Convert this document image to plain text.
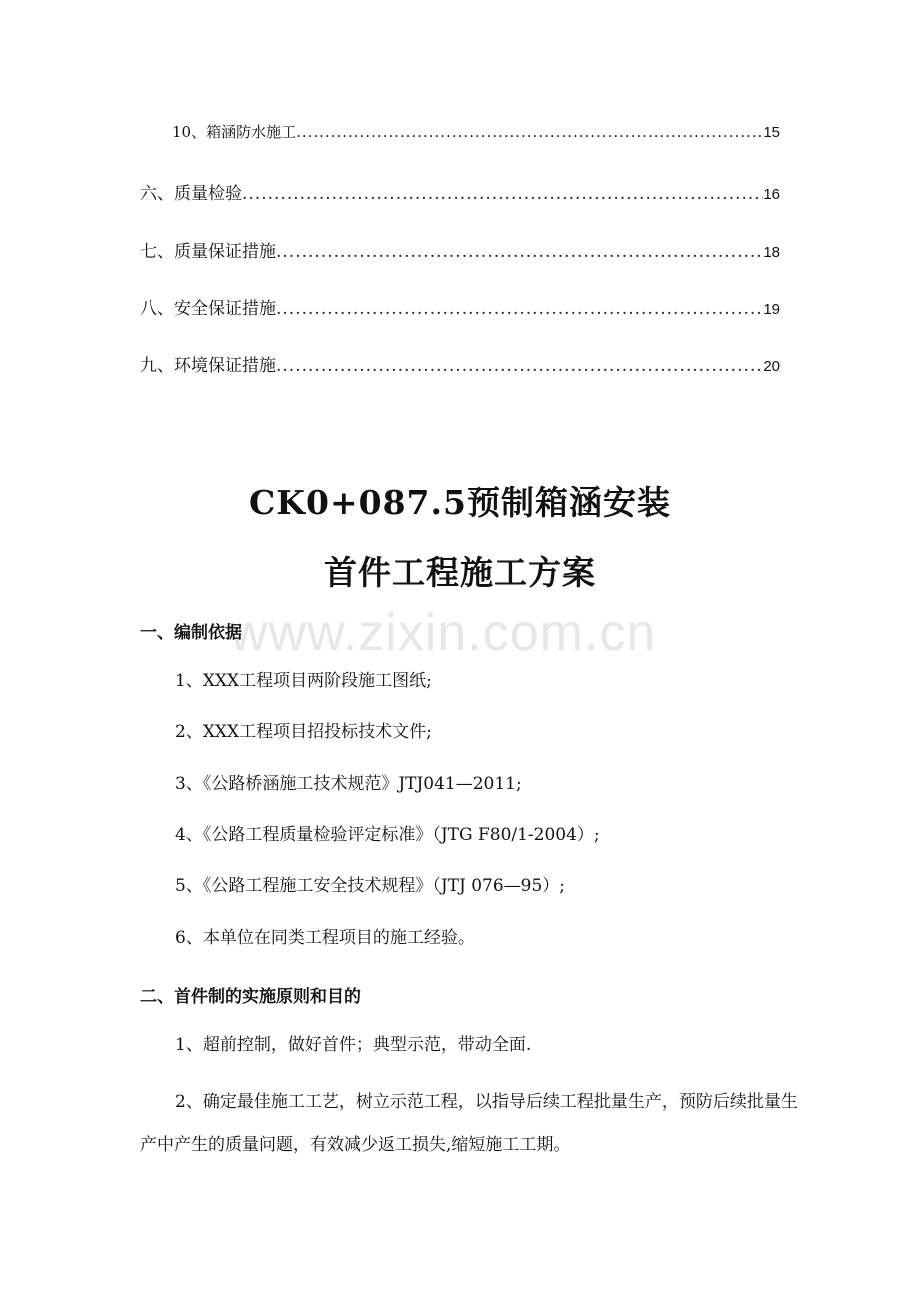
10、箱涵防水施工 .....	15
六、质量检验 .....	16
七、质量保证措施 .....	18
八、安全保证措施 .....	19
九、环境保证措施 .....	20
CK0+087.5预制箱涵安装
首件工程施工方案
www.zixin.com.cn
一、编制依据
1、XXX工程项目两阶段施工图纸;
2、XXX工程项目招投标技术文件;
3、《公路桥涵施工技术规范》JTJ041—2011;
4、《公路工程质量检验评定标准》（JTG F80/1-2004）;
5、《公路工程施工安全技术规程》（JTJ 076—95）;
6、本单位在同类工程项目的施工经验。
二、首件制的实施原则和目的
1、超前控制，做好首件；典型示范，带动全面.
2、确定最佳施工工艺，树立示范工程，以指导后续工程批量生产，预防后续批量生产中产生的质量问题，有效减少返工损失,缩短施工工期。
